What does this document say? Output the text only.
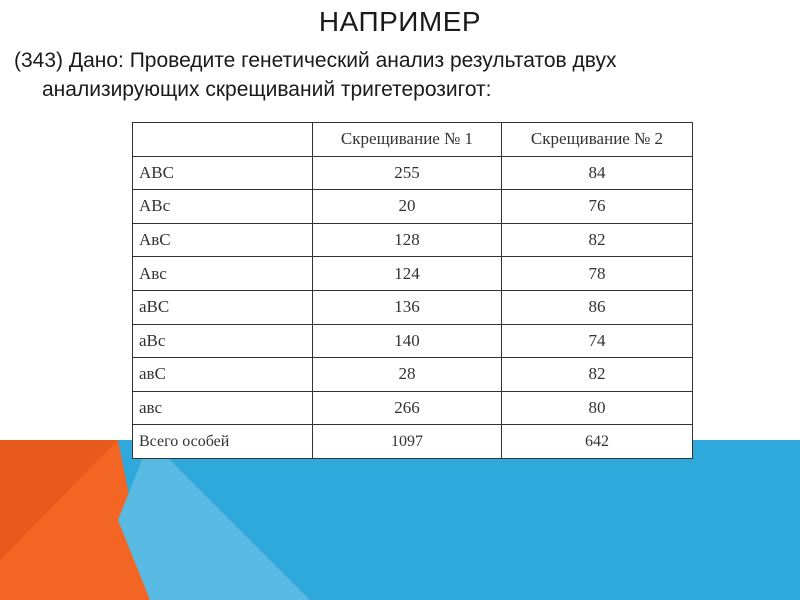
НАПРИМЕР
(343) Дано: Проведите генетический анализ результатов двух
анализирующих скрещиваний тригетерозигот:
	Скрещивание № 1	Скрещивание № 2
АВС	255	84
АВс	20	76
АвС	128	82
Авс	124	78
аВС	136	86
аВс	140	74
авС	28	82
авс	266	80
Всего особей	1097	642
